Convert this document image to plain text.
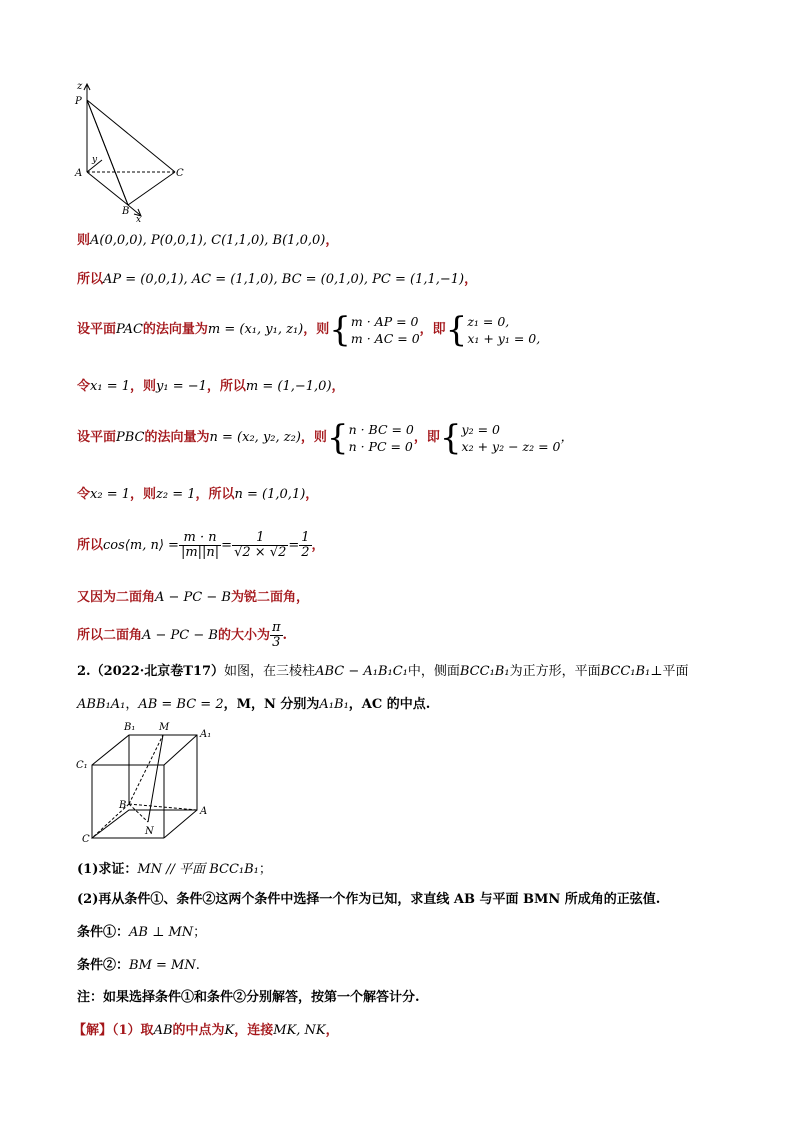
z
P
A	C
y
B
x
则A(0,0,0), P(0,0,1), C(1,1,0), B(1,0,0)，
所以AP = (0,0,1), AC = (1,1,0), BC = (0,1,0), PC = (1,1,−1)，
设平面PAC的法向量为m = (x₁, y₁, z₁)，则{ m · AP = 0
m · AC = 0
，即{ z₁ = 0,
x₁ + y₁ = 0,
令x₁ = 1，则y₁ = −1，所以m = (1,−1,0)，
设平面PBC的法向量为n = (x₂, y₂, z₂)，则{ n · BC = 0
n · PC = 0
，即{ y₂ = 0
x₂ + y₂ − z₂ = 0
，
令x₂ = 1，则z₂ = 1，所以n = (1,0,1)，
所以cos⟨m, n⟩ = $\frac{m \cdot n}{|m||n|} = \frac{1}{√2 \times √2} = \frac{1}{2}$ ，
又因为二面角A − PC − B为锐二面角，
所以二面角A − PC − B的大小为 $\frac{\pi}{3}$ .
2.（2022·北京卷T17）如图，在三棱柱ABC − A₁B₁C₁中，侧面BCC₁B₁为正方形，平面BCC₁B₁⊥平面
ABB₁A₁，AB = BC = 2，M，N 分别为A₁B₁，AC 的中点.
B₁ M
A₁
C₁
B
A
C
N
(1)求证：MN // 平面 BCC₁B₁；
(2)再从条件①、条件②这两个条件中选择一个作为已知，求直线 AB 与平面 BMN 所成角的正弦值.
条件①：AB ⊥ MN；
条件②：BM = MN.
注：如果选择条件①和条件②分别解答，按第一个解答计分.
【解】（1）取AB的中点为K，连接MK, NK，
